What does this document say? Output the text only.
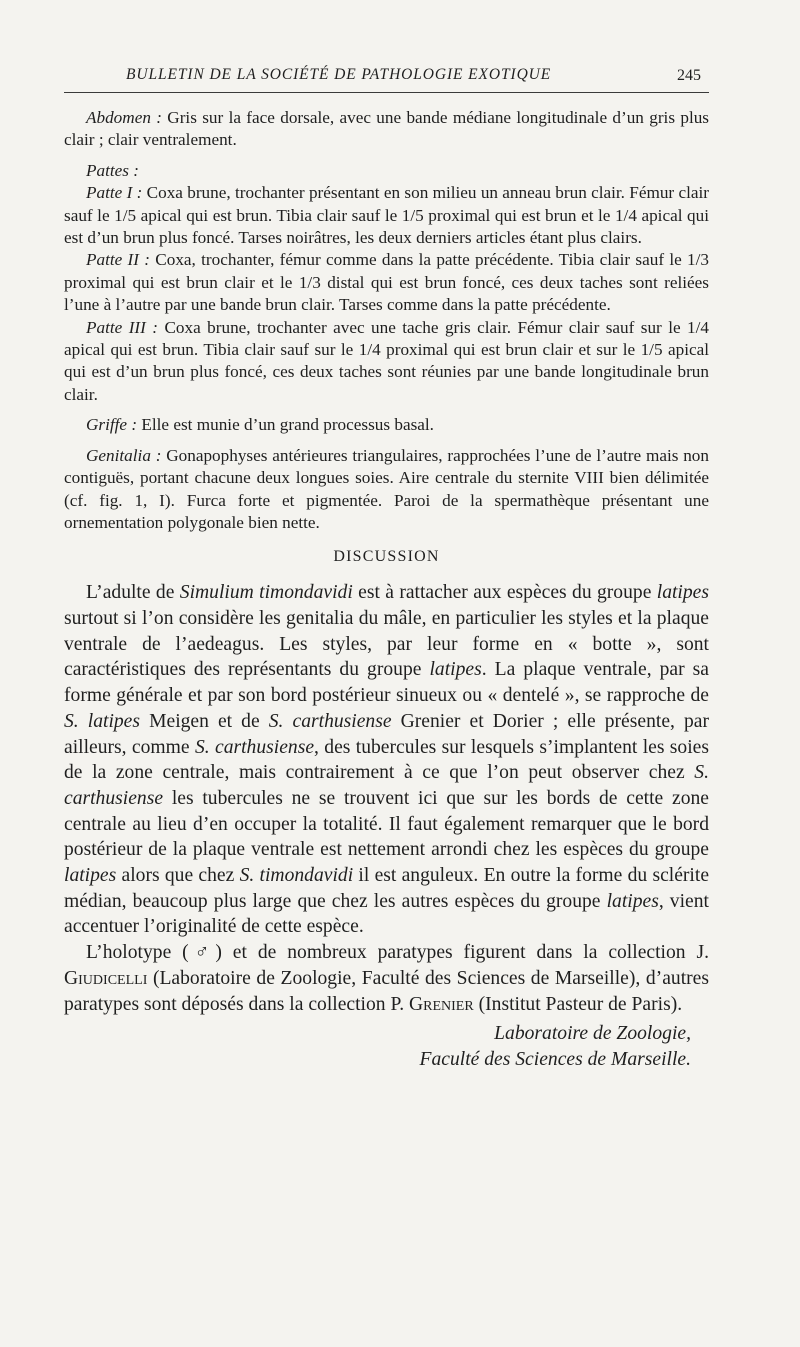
BULLETIN DE LA SOCIÉTÉ DE PATHOLOGIE EXOTIQUE	245

Abdomen : Gris sur la face dorsale, avec une bande médiane longitudinale d’un gris plus clair ; clair ventralement.

Pattes :

Patte I : Coxa brune, trochanter présentant en son milieu un anneau brun clair. Fémur clair sauf le 1/5 apical qui est brun. Tibia clair sauf le 1/5 proximal qui est brun et le 1/4 apical qui est d’un brun plus foncé. Tarses noirâtres, les deux derniers articles étant plus clairs.

Patte II : Coxa, trochanter, fémur comme dans la patte précédente. Tibia clair sauf le 1/3 proximal qui est brun clair et le 1/3 distal qui est brun foncé, ces deux taches sont reliées l’une à l’autre par une bande brun clair. Tarses comme dans la patte précédente.

Patte III : Coxa brune, trochanter avec une tache gris clair. Fémur clair sauf sur le 1/4 apical qui est brun. Tibia clair sauf sur le 1/4 proximal qui est brun clair et sur le 1/5 apical qui est d’un brun plus foncé, ces deux taches sont réunies par une bande longitudinale brun clair.

Griffe : Elle est munie d’un grand processus basal.

Genitalia : Gonapophyses antérieures triangulaires, rapprochées l’une de l’autre mais non contiguës, portant chacune deux longues soies. Aire centrale du sternite VIII bien délimitée (cf. fig. 1, I). Furca forte et pigmentée. Paroi de la spermathèque présentant une ornementation polygonale bien nette.

DISCUSSION

L’adulte de Simulium timondavidi est à rattacher aux espèces du groupe latipes surtout si l’on considère les genitalia du mâle, en particulier les styles et la plaque ventrale de l’aedeagus. Les styles, par leur forme en « botte », sont caractéristiques des représentants du groupe latipes. La plaque ventrale, par sa forme générale et par son bord postérieur sinueux ou « dentelé », se rapproche de S. latipes Meigen et de S. carthusiense Grenier et Dorier ; elle présente, par ailleurs, comme S. carthusiense, des tubercules sur lesquels s’implantent les soies de la zone centrale, mais contrairement à ce que l’on peut observer chez S. carthusiense les tubercules ne se trouvent ici que sur les bords de cette zone centrale au lieu d’en occuper la totalité. Il faut également remarquer que le bord postérieur de la plaque ventrale est nettement arrondi chez les espèces du groupe latipes alors que chez S. timondavidi il est anguleux. En outre la forme du sclérite médian, beaucoup plus large que chez les autres espèces du groupe latipes, vient accentuer l’originalité de cette espèce.

L’holotype (♂) et de nombreux paratypes figurent dans la collection J. Giudicelli (Laboratoire de Zoologie, Faculté des Sciences de Marseille), d’autres paratypes sont déposés dans la collection P. Grenier (Institut Pasteur de Paris).

Laboratoire de Zoologie,
Faculté des Sciences de Marseille.
